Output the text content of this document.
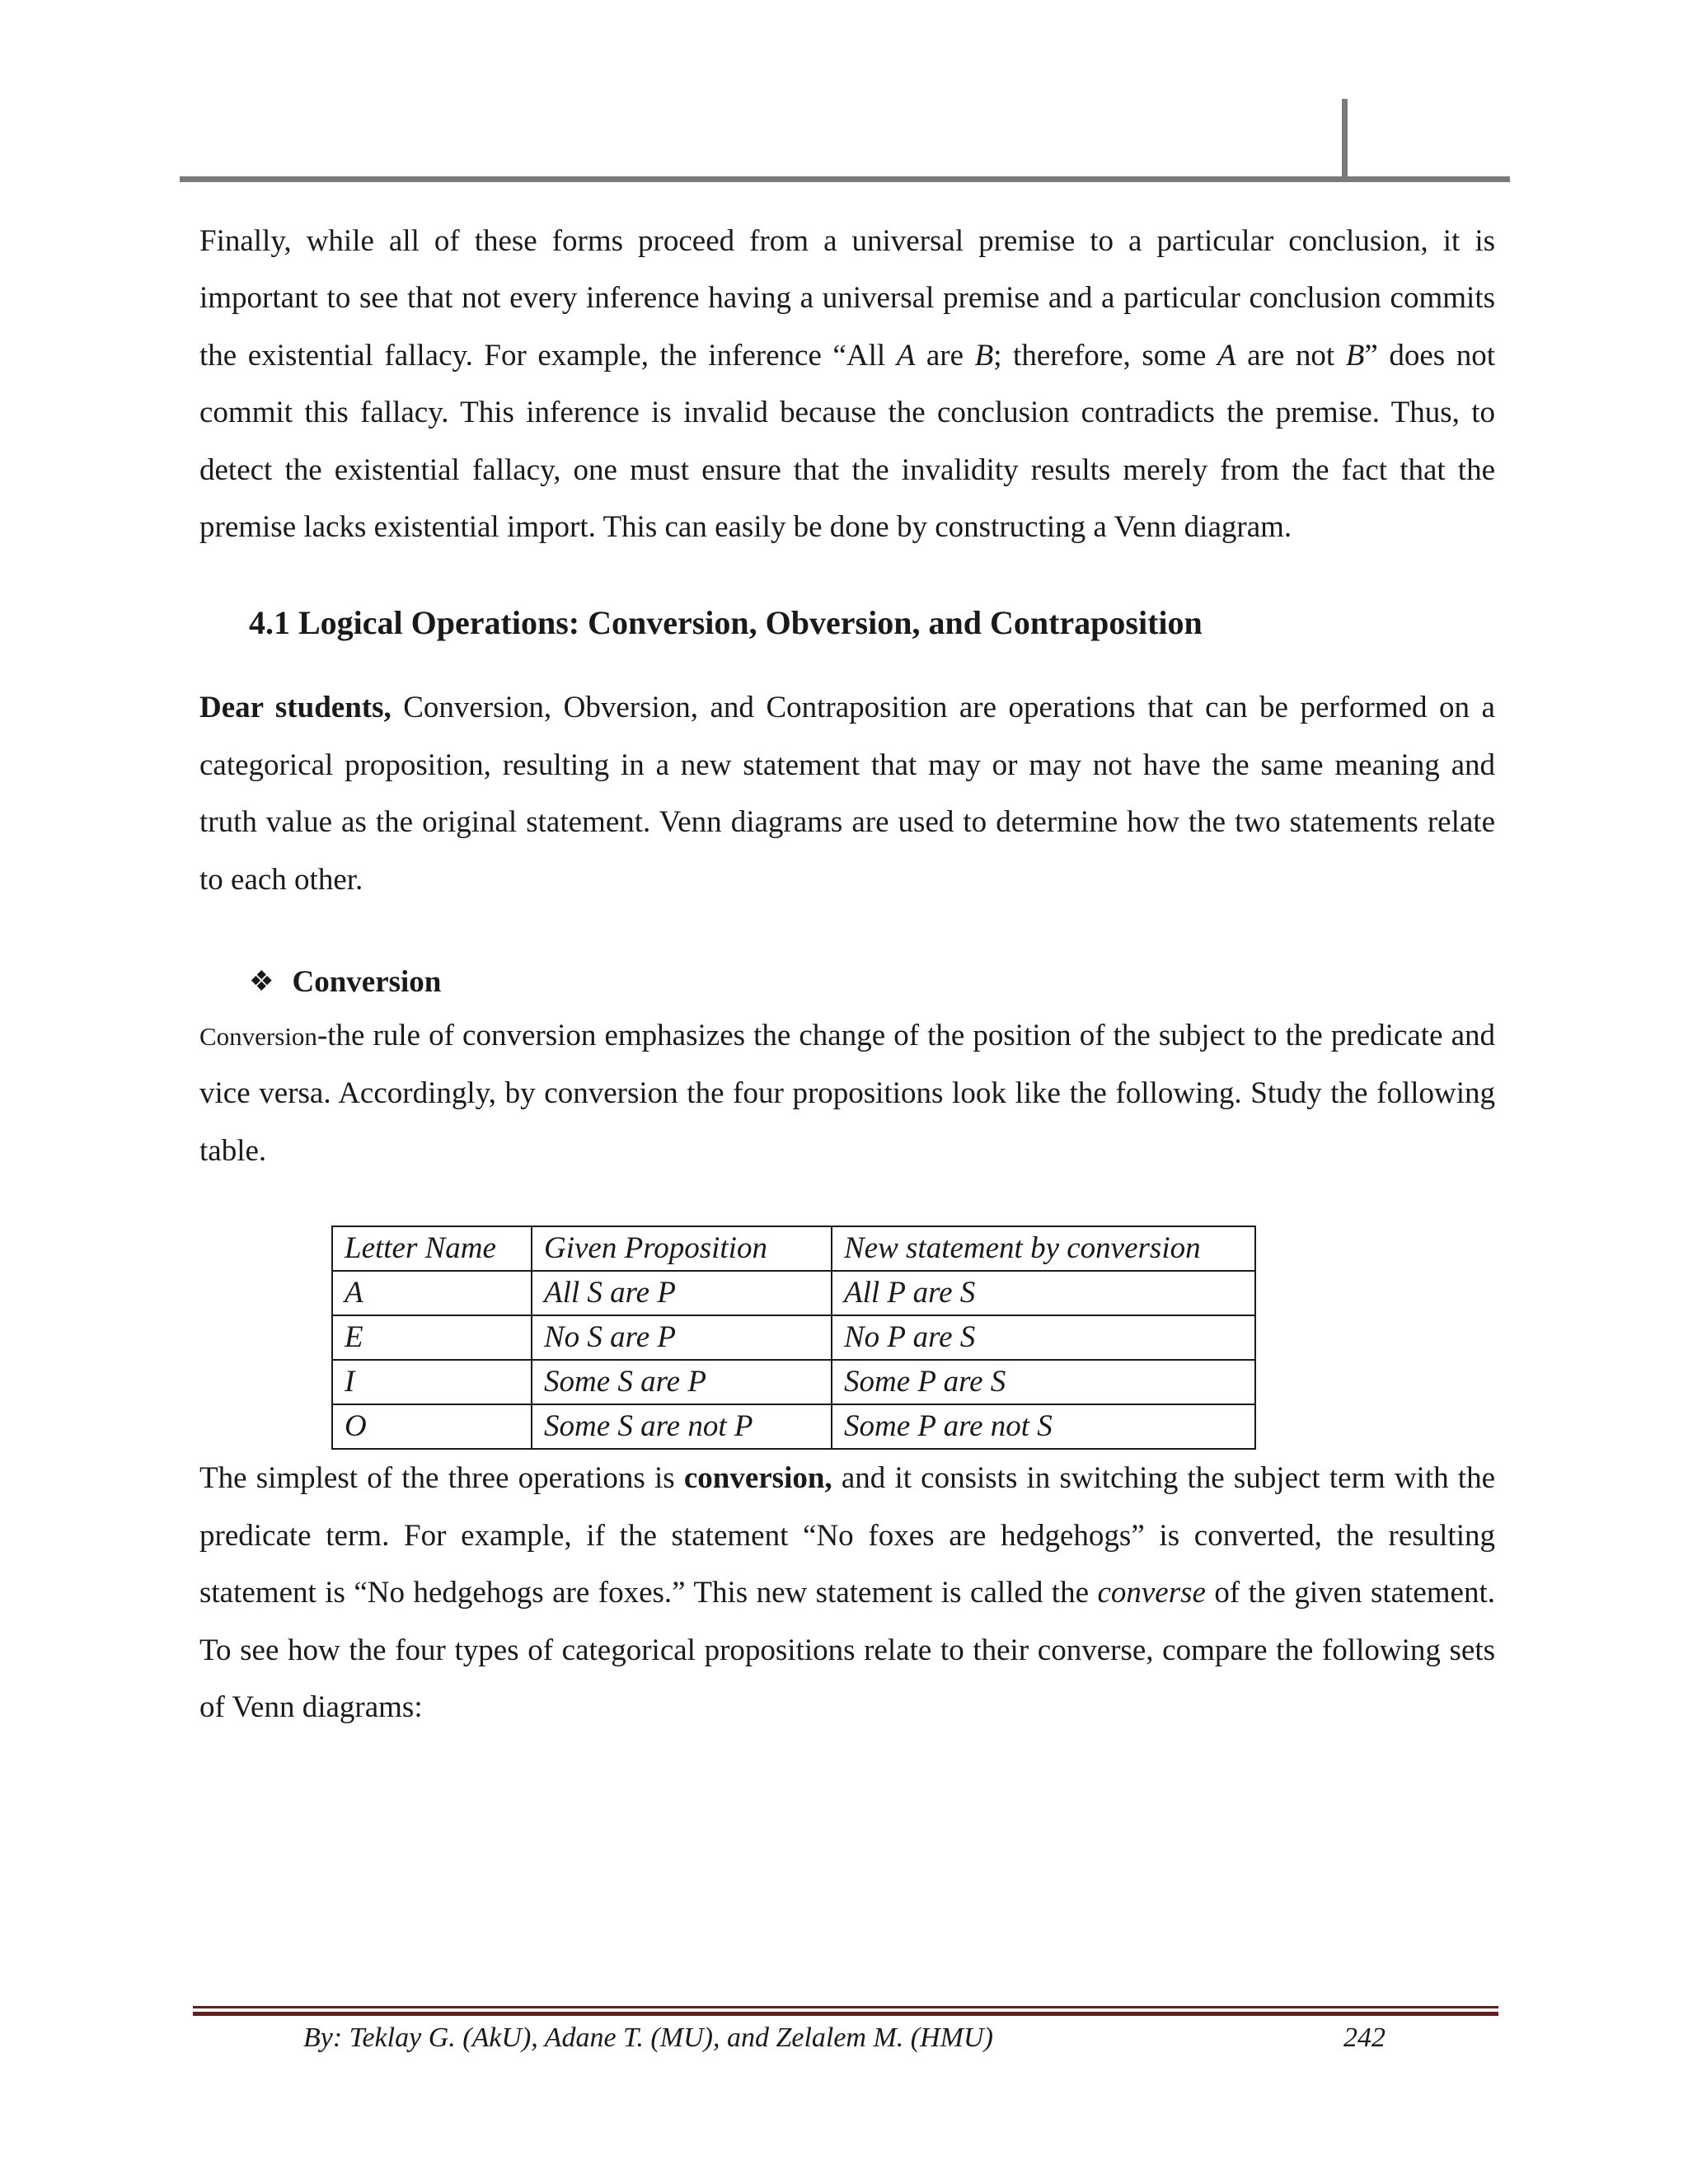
Finally, while all of these forms proceed from a universal premise to a particular conclusion, it is important to see that not every inference having a universal premise and a particular conclusion commits the existential fallacy. For example, the inference “All A are B; therefore, some A are not B” does not commit this fallacy. This inference is invalid because the conclusion contradicts the premise. Thus, to detect the existential fallacy, one must ensure that the invalidity results merely from the fact that the premise lacks existential import. This can easily be done by constructing a Venn diagram.

4.1 Logical Operations: Conversion, Obversion, and Contraposition

Dear students, Conversion, Obversion, and Contraposition are operations that can be performed on a categorical proposition, resulting in a new statement that may or may not have the same meaning and truth value as the original statement. Venn diagrams are used to determine how the two statements relate to each other.

❖ Conversion

Conversion-the rule of conversion emphasizes the change of the position of the subject to the predicate and vice versa. Accordingly, by conversion the four propositions look like the following. Study the following table.

Letter Name	Given Proposition	New statement by conversion
A	All S are P	All P are S
E	No S are P	No P are S
I	Some S are P	Some P are S
O	Some S are not P	Some P are not S

The simplest of the three operations is conversion, and it consists in switching the subject term with the predicate term. For example, if the statement “No foxes are hedgehogs” is converted, the resulting statement is “No hedgehogs are foxes.” This new statement is called the converse of the given statement. To see how the four types of categorical propositions relate to their converse, compare the following sets of Venn diagrams:

By: Teklay G. (AkU), Adane T. (MU), and Zelalem M. (HMU)	242
